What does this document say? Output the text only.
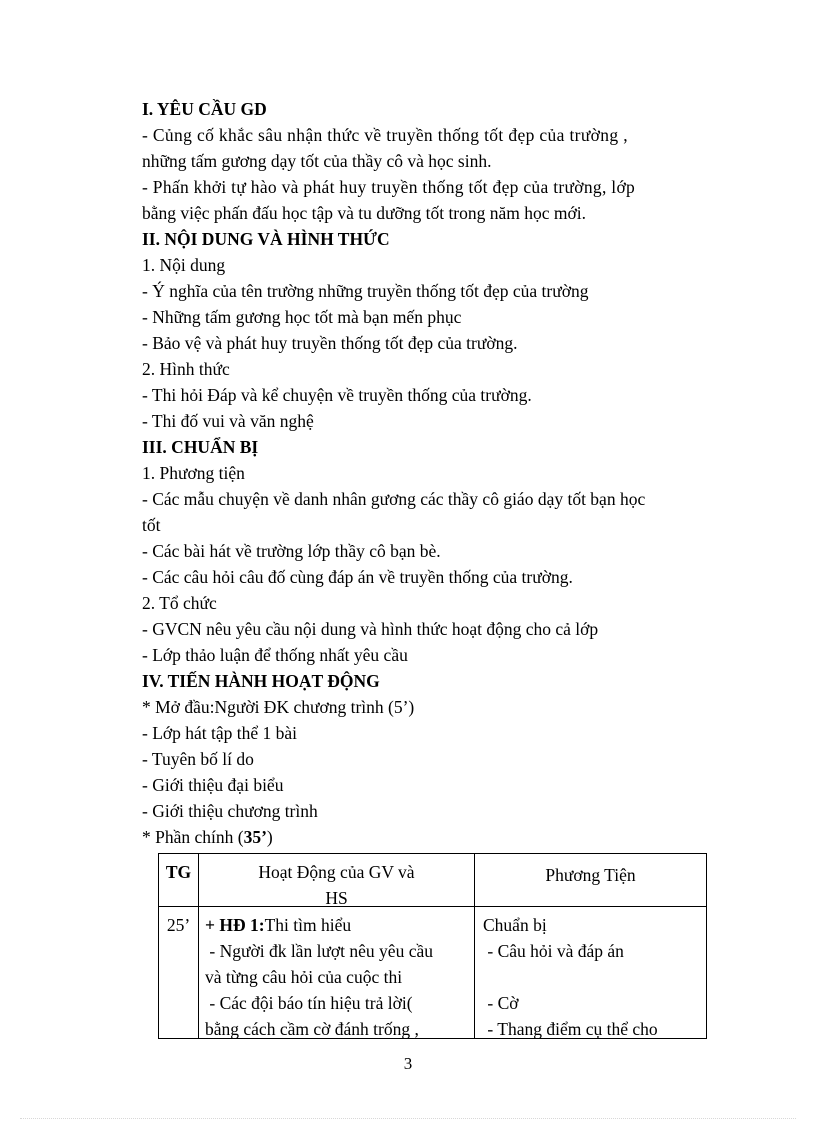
I. YÊU CẦU GD
- Củng cố khắc sâu nhận thức về truyền thống tốt đẹp của trường ,
những tấm gương dạy tốt của thầy cô và học sinh.
- Phấn khởi tự hào và phát huy truyền thống tốt đẹp của trường, lớp
bằng việc phấn đấu học tập và tu dưỡng tốt trong năm học mới.
II. NỘI DUNG VÀ HÌNH THỨC
1. Nội dung
- Ý nghĩa của tên trường những truyền thống tốt đẹp của trường
- Những tấm gương học tốt mà bạn mến phục
- Bảo vệ và phát huy truyền thống tốt đẹp của trường.
2. Hình thức
- Thi hỏi Đáp và kể chuyện về truyền thống của trường.
- Thi đố vui và văn nghệ
III. CHUẨN BỊ
1. Phương tiện
- Các mẫu chuyện về danh nhân gương các thầy cô giáo dạy tốt bạn học
tốt
- Các bài hát về trường lớp thầy cô bạn bè.
- Các câu hỏi câu đố cùng đáp án về truyền thống của trường.
2. Tổ chức
- GVCN nêu yêu cầu nội dung và hình thức hoạt động cho cả lớp
- Lớp thảo luận để thống nhất yêu cầu
IV. TIẾN HÀNH HOẠT ĐỘNG
* Mở đầu:Người ĐK chương trình (5’)
- Lớp hát tập thể 1 bài
- Tuyên bố lí do
- Giới thiệu đại biểu
- Giới thiệu chương trình
* Phần chính (35’)
TG
25’
Hoạt Động của GV và
HS
+ HĐ 1:Thi tìm hiểu
- Người đk lần lượt nêu yêu cầu
và từng câu hỏi của cuộc thi
- Các đội báo tín hiệu trả lời(
bằng cách cầm cờ đánh trống ,
Phương Tiện
Chuẩn bị
- Câu hỏi và đáp án
- Cờ
- Thang điểm cụ thể cho
3
